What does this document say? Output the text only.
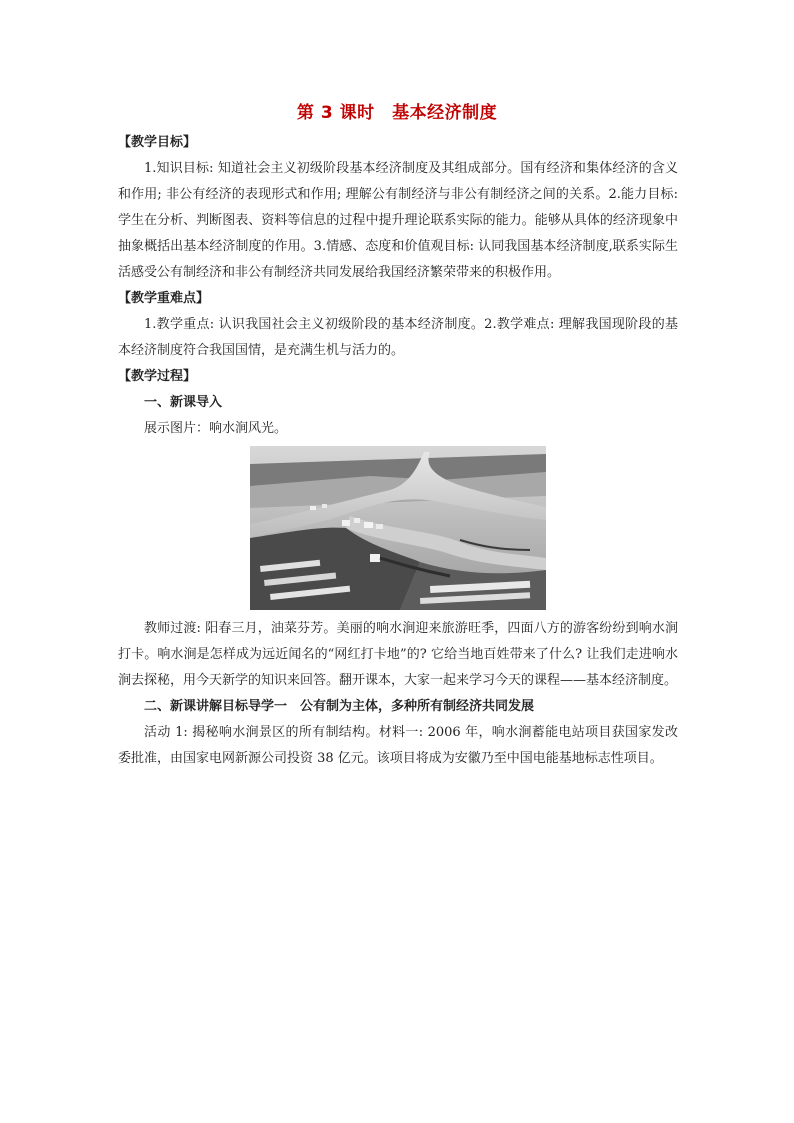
第 3 课时　基本经济制度

【教学目标】

1.知识目标: 知道社会主义初级阶段基本经济制度及其组成部分。国有经济和集体经济的含义和作用; 非公有经济的表现形式和作用; 理解公有制经济与非公有制经济之间的关系。2.能力目标: 学生在分析、判断图表、资料等信息的过程中提升理论联系实际的能力。能够从具体的经济现象中抽象概括出基本经济制度的作用。3.情感、态度和价值观目标: 认同我国基本经济制度,联系实际生活感受公有制经济和非公有制经济共同发展给我国经济繁荣带来的积极作用。

【教学重难点】

1.教学重点: 认识我国社会主义初级阶段的基本经济制度。2.教学难点: 理解我国现阶段的基本经济制度符合我国国情，是充满生机与活力的。

【教学过程】

一、新课导入

展示图片：响水涧风光。

教师过渡: 阳春三月，油菜芬芳。美丽的响水涧迎来旅游旺季，四面八方的游客纷纷到响水涧打卡。响水涧是怎样成为远近闻名的“网红打卡地”的? 它给当地百姓带来了什么? 让我们走进响水涧去探秘，用今天新学的知识来回答。翻开课本，大家一起来学习今天的课程——基本经济制度。

二、新课讲解目标导学一　公有制为主体，多种所有制经济共同发展

活动 1: 揭秘响水涧景区的所有制结构。材料一: 2006 年，响水涧蓄能电站项目获国家发改委批准，由国家电网新源公司投资 38 亿元。该项目将成为安徽乃至中国电能基地标志性项目。
